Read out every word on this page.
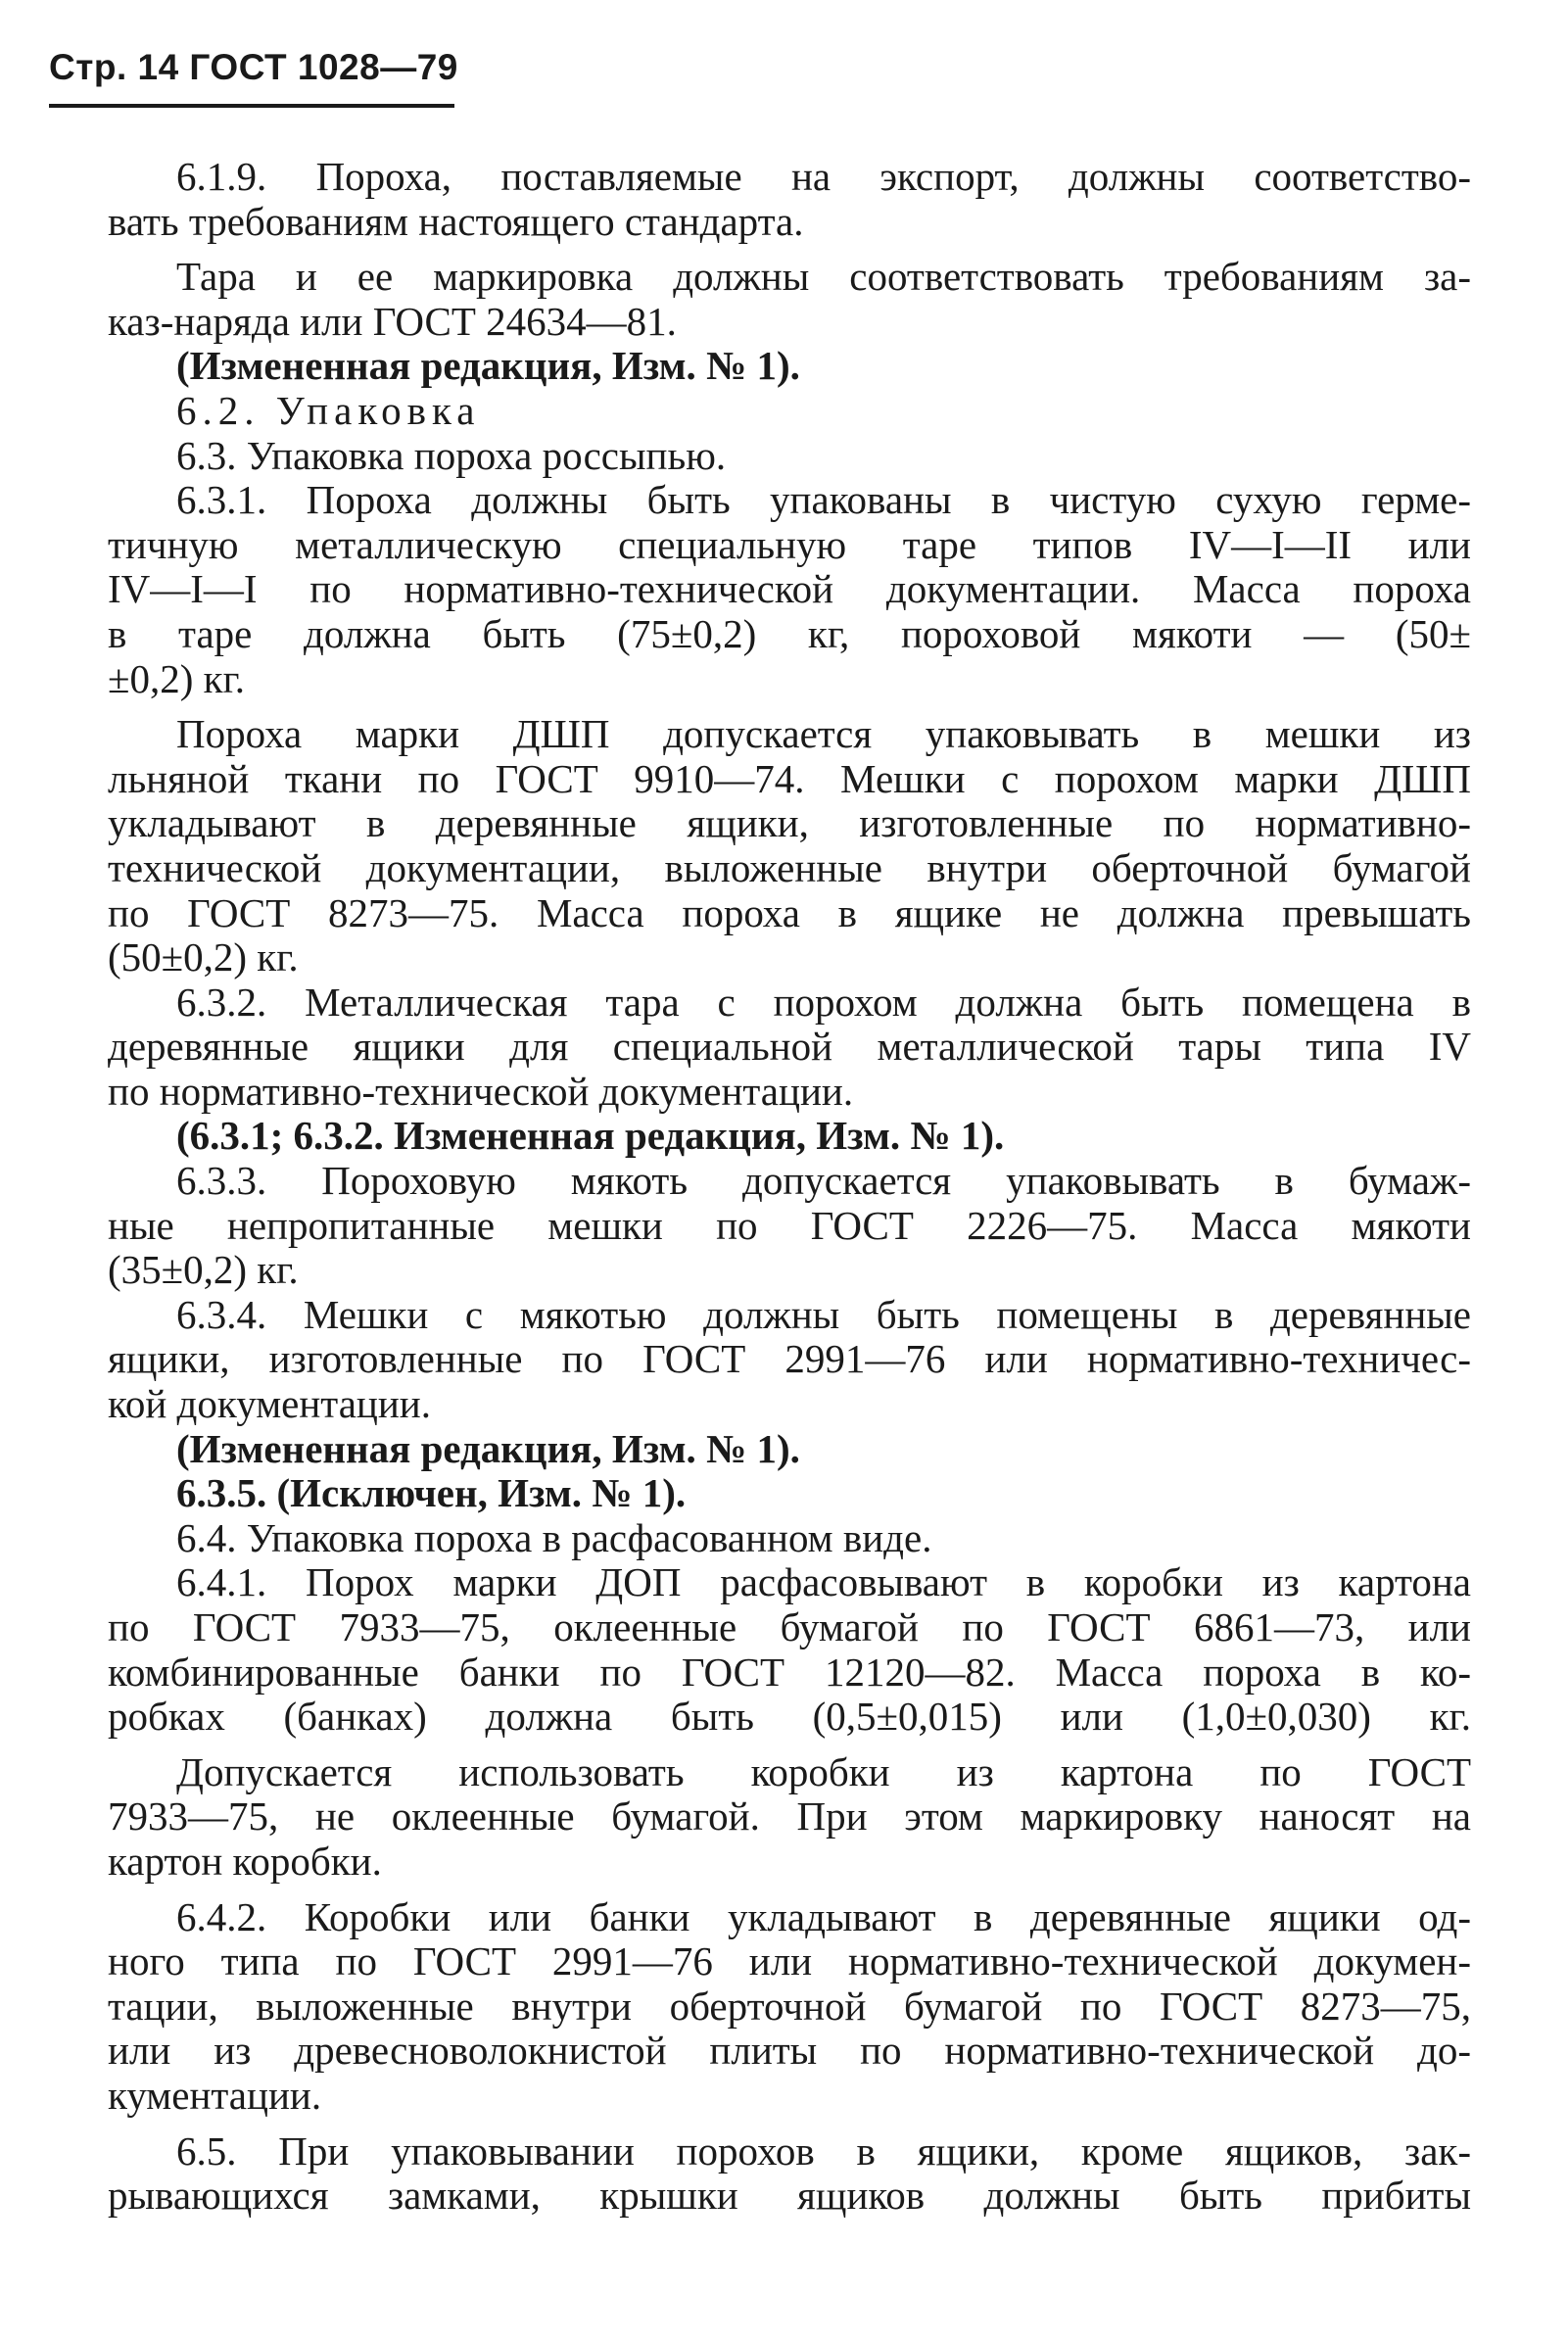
Стр. 14 ГОСТ 1028—79
6.1.9. Пороха, поставляемые на экспорт, должны соответство-
вать требованиям настоящего стандарта.
Тара и ее маркировка должны соответствовать требованиям за-
каз-наряда или ГОСТ 24634—81.
(Измененная редакция, Изм. № 1).
6.2. Упаковка
6.3. Упаковка пороха россыпью.
6.3.1. Пороха должны быть упакованы в чистую сухую герме-
тичную металлическую специальную таре типов IV—I—II или
IV—I—I по нормативно-технической документации. Масса пороха
в таре должна быть (75±0,2) кг, пороховой мякоти — (50±
±0,2) кг.
Пороха марки ДШП допускается упаковывать в мешки из
льняной ткани по ГОСТ 9910—74. Мешки с порохом марки ДШП
укладывают в деревянные ящики, изготовленные по нормативно-
технической документации, выложенные внутри оберточной бумагой
по ГОСТ 8273—75. Масса пороха в ящике не должна превышать
(50±0,2) кг.
6.3.2. Металлическая тара с порохом должна быть помещена в
деревянные ящики для специальной металлической тары типа IV
по нормативно-технической документации.
(6.3.1; 6.3.2. Измененная редакция, Изм. № 1).
6.3.3. Пороховую мякоть допускается упаковывать в бумаж-
ные непропитанные мешки по ГОСТ 2226—75. Масса мякоти
(35±0,2) кг.
6.3.4. Мешки с мякотью должны быть помещены в деревянные
ящики, изготовленные по ГОСТ 2991—76 или нормативно-техничес-
кой документации.
(Измененная редакция, Изм. № 1).
6.3.5. (Исключен, Изм. № 1).
6.4. Упаковка пороха в расфасованном виде.
6.4.1. Порох марки ДОП расфасовывают в коробки из картона
по ГОСТ 7933—75, оклеенные бумагой по ГОСТ 6861—73, или
комбинированные банки по ГОСТ 12120—82. Масса пороха в ко-
робках (банках) должна быть (0,5±0,015) или (1,0±0,030) кг.
Допускается использовать коробки из картона по ГОСТ
7933—75, не оклеенные бумагой. При этом маркировку наносят на
картон коробки.
6.4.2. Коробки или банки укладывают в деревянные ящики од-
ного типа по ГОСТ 2991—76 или нормативно-технической докумен-
тации, выложенные внутри оберточной бумагой по ГОСТ 8273—75,
или из древесноволокнистой плиты по нормативно-технической до-
кументации.
6.5. При упаковывании порохов в ящики, кроме ящиков, зак-
рывающихся замками, крышки ящиков должны быть прибиты
